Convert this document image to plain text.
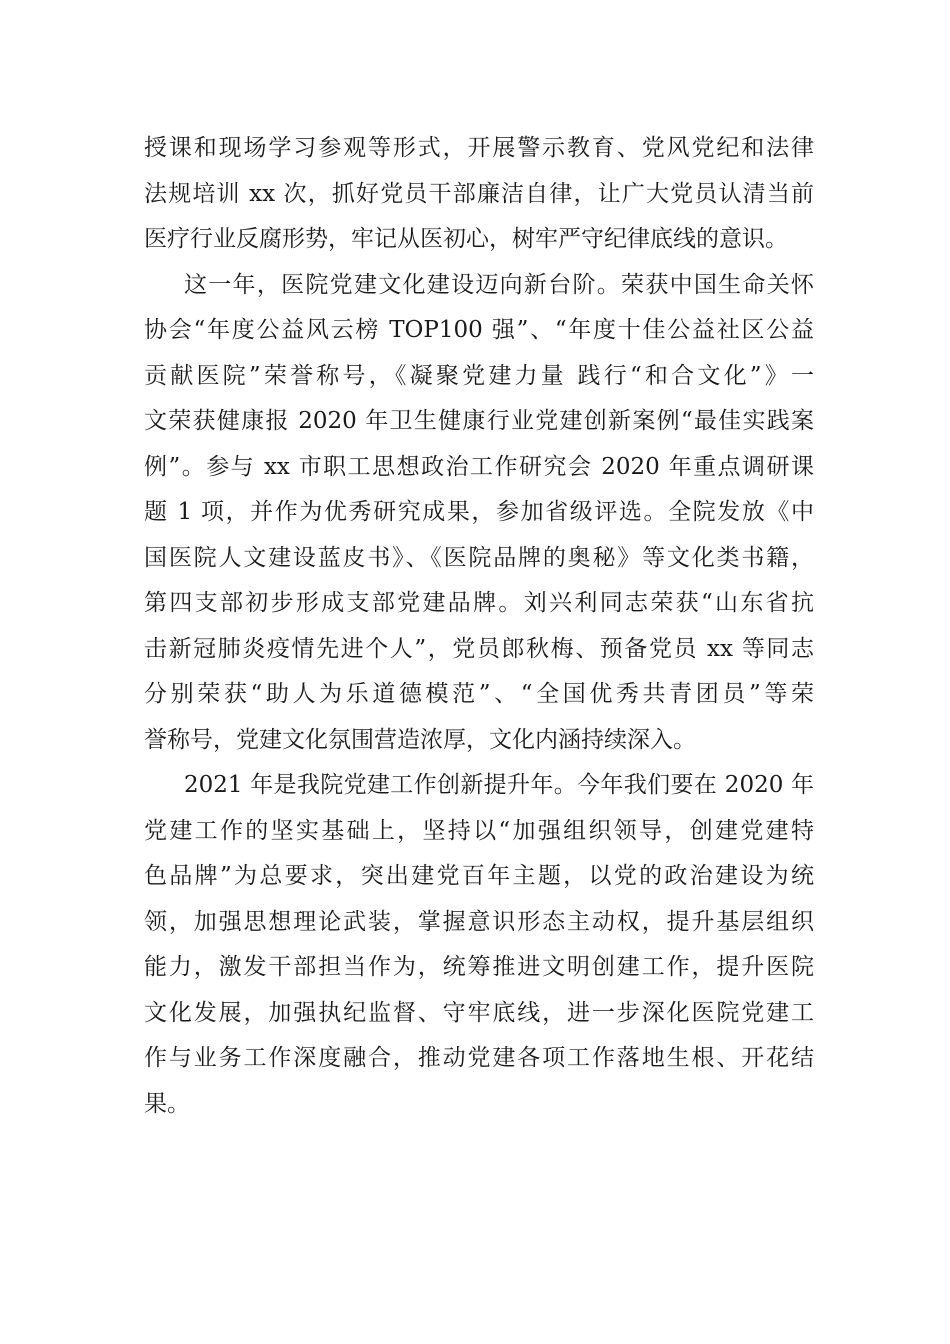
授课和现场学习参观等形式，开展警示教育、党风党纪和法律
法规培训 xx 次，抓好党员干部廉洁自律，让广大党员认清当前
医疗行业反腐形势，牢记从医初心，树牢严守纪律底线的意识。
这一年，医院党建文化建设迈向新台阶。荣获中国生命关怀
协会“年度公益风云榜 TOP100 强”、“年度十佳公益社区公益
贡献医院”荣誉称号，《凝聚党建力量 践行“和合文化”》一
文荣获健康报 2020 年卫生健康行业党建创新案例“最佳实践案
例”。参与 xx 市职工思想政治工作研究会 2020 年重点调研课
题 1 项，并作为优秀研究成果，参加省级评选。全院发放《中
国医院人文建设蓝皮书》、《医院品牌的奥秘》等文化类书籍，
第四支部初步形成支部党建品牌。刘兴利同志荣获“山东省抗
击新冠肺炎疫情先进个人”，党员郎秋梅、预备党员 xx 等同志
分别荣获“助人为乐道德模范”、“全国优秀共青团员”等荣
誉称号，党建文化氛围营造浓厚，文化内涵持续深入。
2021 年是我院党建工作创新提升年。今年我们要在 2020 年
党建工作的坚实基础上，坚持以“加强组织领导，创建党建特
色品牌”为总要求，突出建党百年主题，以党的政治建设为统
领，加强思想理论武装，掌握意识形态主动权，提升基层组织
能力，激发干部担当作为，统筹推进文明创建工作，提升医院
文化发展，加强执纪监督、守牢底线，进一步深化医院党建工
作与业务工作深度融合，推动党建各项工作落地生根、开花结
果。
